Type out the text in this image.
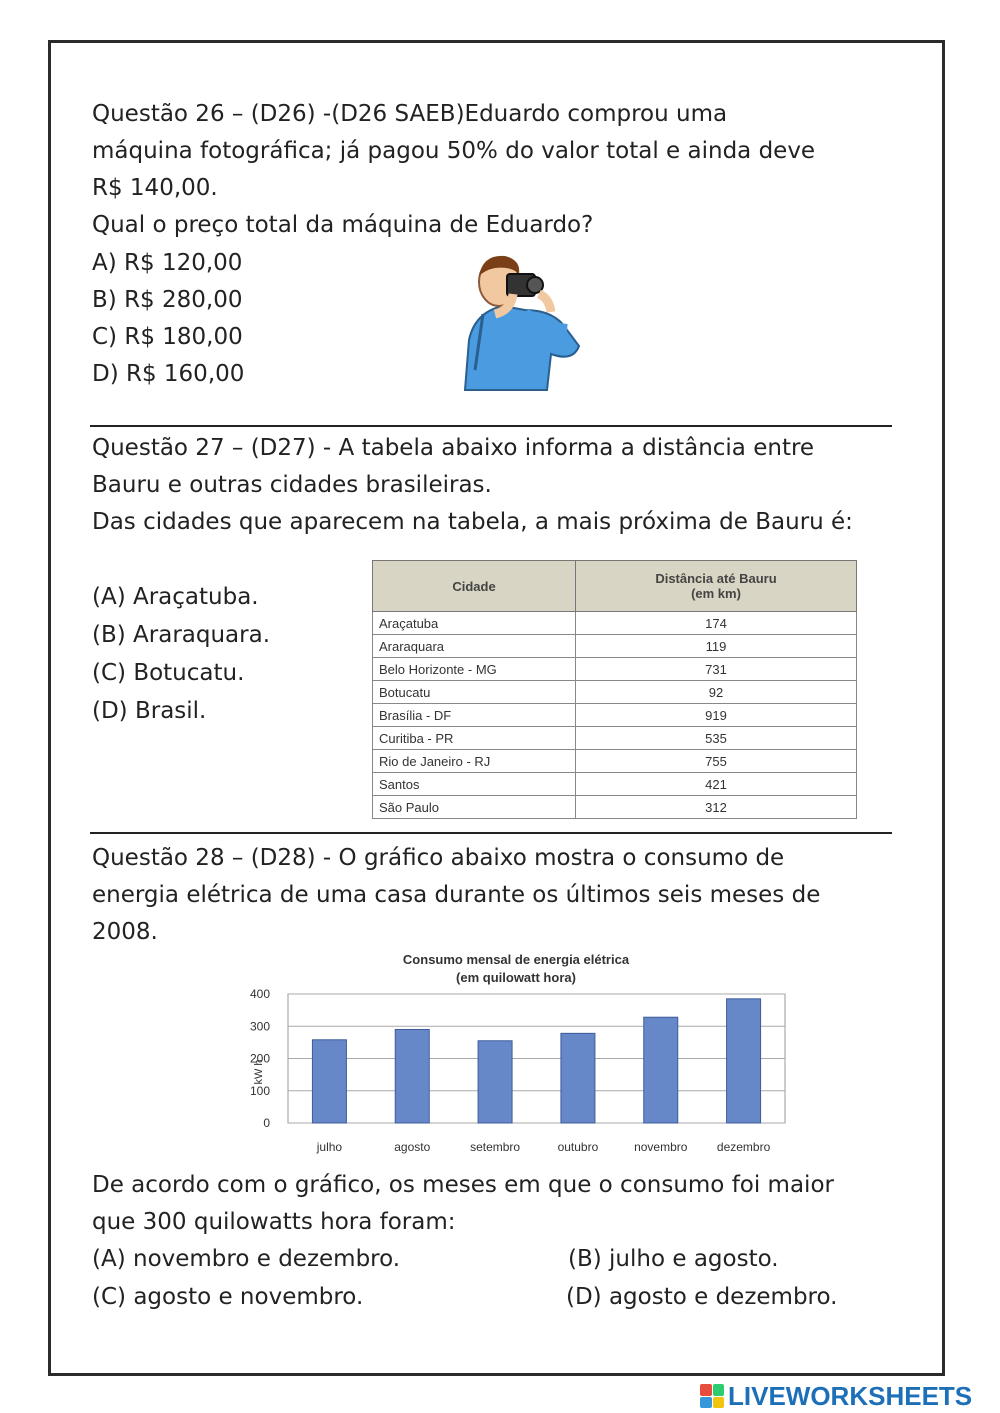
Questão 26 – (D26) -(D26 SAEB)Eduardo comprou uma

máquina fotográfica; já pagou 50% do valor total e ainda deve

R$ 140,00.

Qual o preço total da máquina de Eduardo?

A) R$ 120,00

B) R$ 280,00

C) R$ 180,00

D) R$ 160,00

Questão 27 – (D27) - A tabela abaixo informa a distância entre

Bauru e outras cidades brasileiras.

Das cidades que aparecem na tabela, a mais próxima de Bauru é:

(A) Araçatuba.

(B) Araraquara.

(C) Botucatu.

(D) Brasil.

Cidade	Distância até Bauru
(em km)

Araçatuba	174
Araraquara	119
Belo Horizonte - MG	731
Botucatu	92
Brasília - DF	919
Curitiba - PR	535
Rio de Janeiro - RJ	755
Santos	421
São Paulo	312

Questão 28 – (D28) - O gráfico abaixo mostra o consumo de

energia elétrica de uma casa durante os últimos seis meses de

2008.

Consumo mensal de energia elétrica
(em quilowatt hora)
kW h
0
100
200
300
400
julho	agosto	setembro	outubro	novembro dezembro

De acordo com o gráfico, os meses em que o consumo foi maior

que 300 quilowatts hora foram:

(A) novembro e dezembro.	(B) julho e agosto.

(C) agosto e novembro.	(D) agosto e dezembro.

LIVEWORKSHEETS
